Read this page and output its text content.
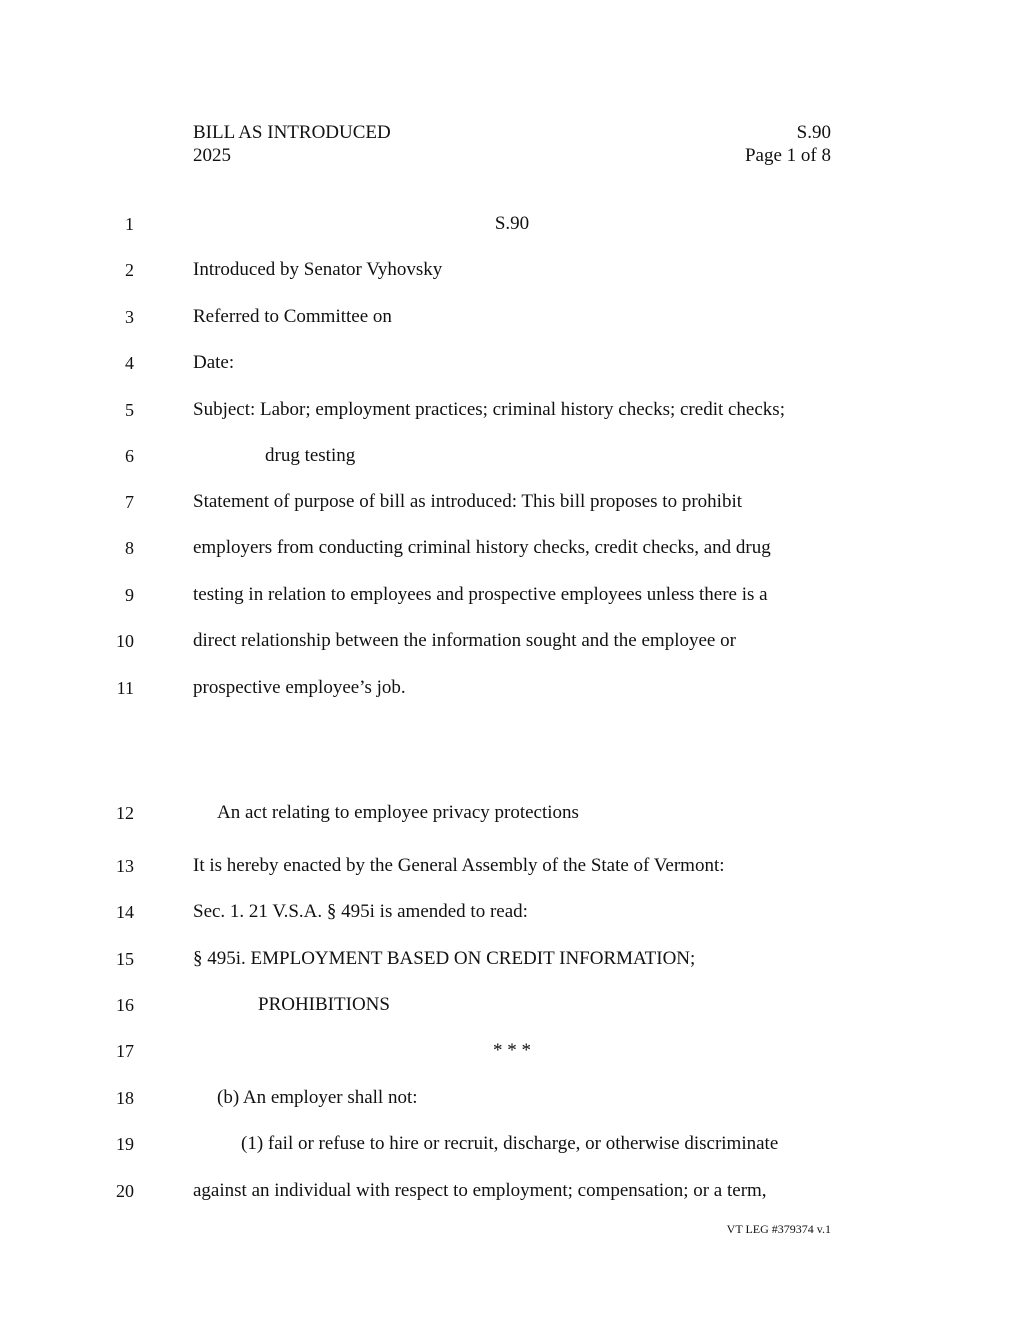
BILL AS INTRODUCED
2025
S.90
Page 1 of 8
1	S.90
2	Introduced by Senator Vyhovsky
3	Referred to Committee on
4	Date:
5	Subject: Labor; employment practices; criminal history checks; credit checks;
6	drug testing
7	Statement of purpose of bill as introduced: This bill proposes to prohibit
8	employers from conducting criminal history checks, credit checks, and drug
9	testing in relation to employees and prospective employees unless there is a
10	direct relationship between the information sought and the employee or
11	prospective employee’s job.
12	An act relating to employee privacy protections
13	It is hereby enacted by the General Assembly of the State of Vermont:
14	Sec. 1. 21 V.S.A. § 495i is amended to read:
15	§ 495i. EMPLOYMENT BASED ON CREDIT INFORMATION;
16	PROHIBITIONS
17	* * *
18	(b) An employer shall not:
19	(1) fail or refuse to hire or recruit, discharge, or otherwise discriminate
20	against an individual with respect to employment; compensation; or a term,
VT LEG #379374 v.1
